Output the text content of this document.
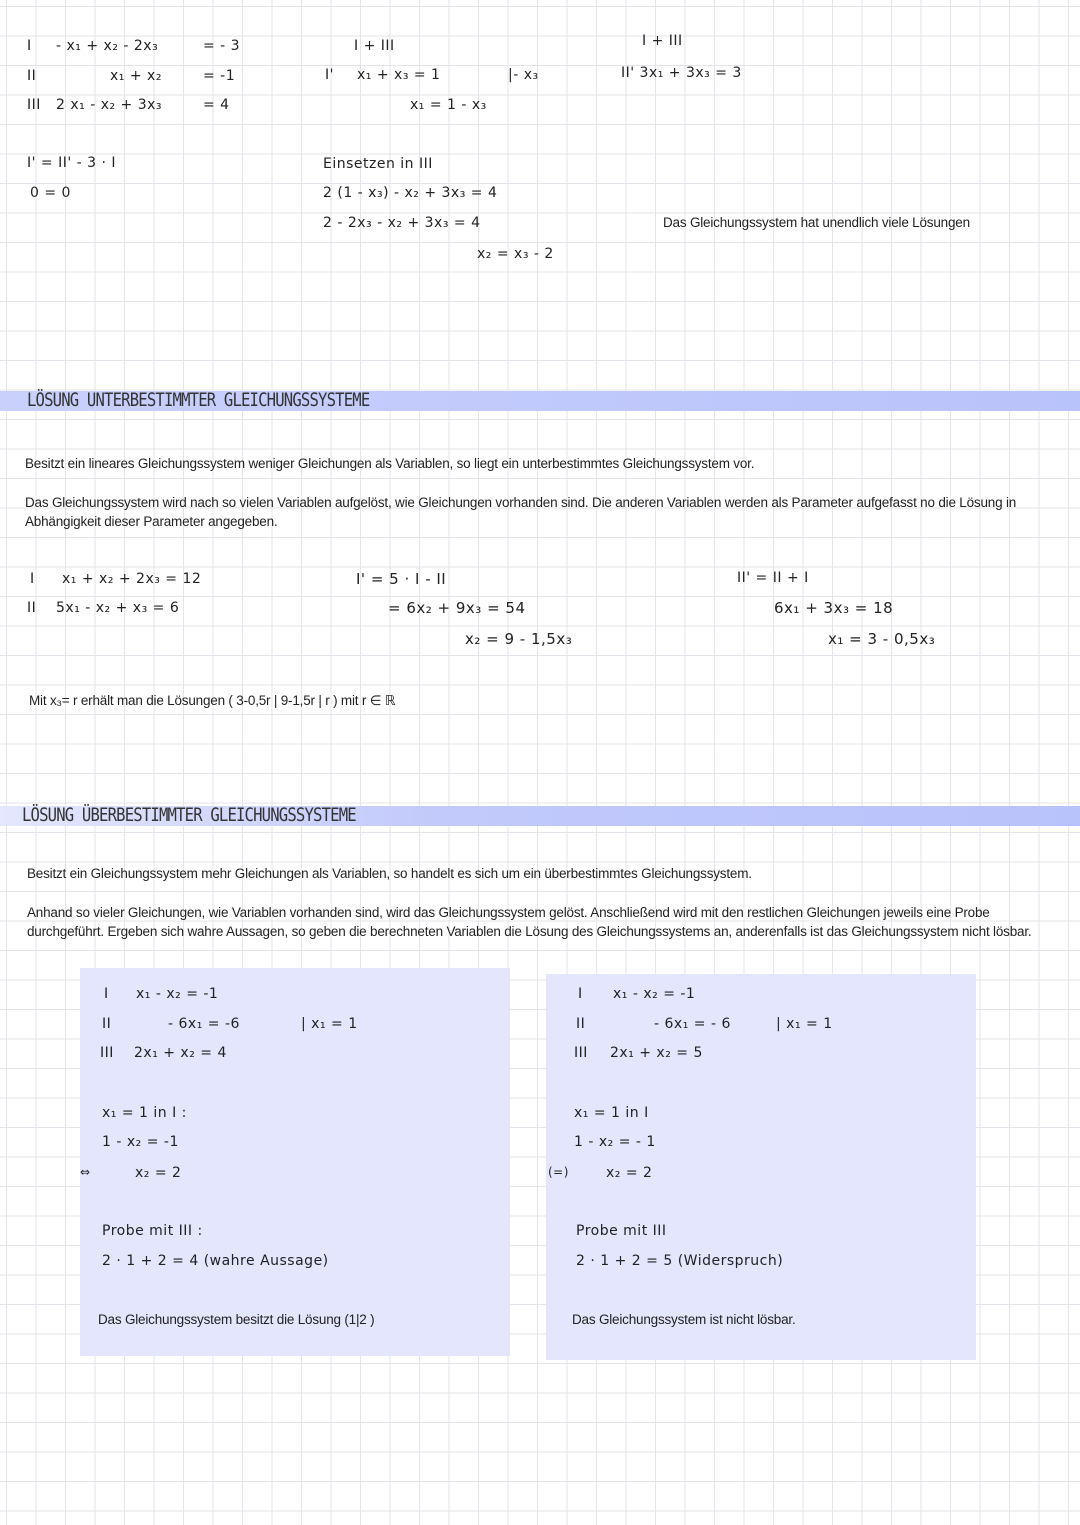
I - x₁ + x₂ - 2x₃	= - 3
II	x₁ + x₂	= -1
III 2 x₁ - x₂ + 3x₃	= 4
I' = II' - 3 · I
0 = 0
I + III
I' x₁ + x₃ = 1	|- x₃
x₁ = 1 - x₃
Einsetzen in III
2 (1 - x₃) - x₂ + 3x₃ = 4
2 - 2x₃ - x₂ + 3x₃ = 4
x₂ = x₃ - 2
I + III
II' 3x₁ + 3x₃ = 3
Das Gleichungssystem hat unendlich viele Lösungen
LÖSUNG UNTERBESTIMMTER GLEICHUNGSSYSTEME
Besitzt ein lineares Gleichungssystem weniger Gleichungen als Variablen, so liegt ein unterbestimmtes Gleichungssystem vor.
Das Gleichungssystem wird nach so vielen Variablen aufgelöst, wie Gleichungen vorhanden sind. Die anderen Variablen werden als Parameter aufgefasst no die Lösung in Abhängigkeit dieser Parameter angegeben.
I x₁ + x₂ + 2x₃ = 12
II 5x₁ - x₂ + x₃ = 6
I' = 5 · I - II
= 6x₂ + 9x₃ = 54
x₂ = 9 - 1,5x₃
II' = II + I
6x₁ + 3x₃ = 18
x₁ = 3 - 0,5x₃
Mit x₃= r erhält man die Lösungen ( 3-0,5r | 9-1,5r | r ) mit r ∈ ℝ
LÖSUNG ÜBERBESTIMMTER GLEICHUNGSSYSTEME
Besitzt ein Gleichungssystem mehr Gleichungen als Variablen, so handelt es sich um ein überbestimmtes Gleichungssystem.
Anhand so vieler Gleichungen, wie Variablen vorhanden sind, wird das Gleichungssystem gelöst. Anschließend wird mit den restlichen Gleichungen jeweils eine Probe durchgeführt. Ergeben sich wahre Aussagen, so geben die berechneten Variablen die Lösung des Gleichungssystems an, anderenfalls ist das Gleichungssystem nicht lösbar.
I x₁ - x₂ = -1
II	- 6x₁ = -6	| x₁ = 1
III 2x₁ + x₂ = 4
x₁ = 1 in I :
1 - x₂ = -1
⇔	x₂ = 2
Probe mit III :
2 · 1 + 2 = 4 (wahre Aussage)
Das Gleichungssystem besitzt die Lösung (1|2 )
I x₁ - x₂ = -1
II	- 6x₁ = - 6	| x₁ = 1
III 2x₁ + x₂ = 5
x₁ = 1 in I
1 - x₂ = - 1
(=)	x₂ = 2
Probe mit III
2 · 1 + 2 = 5 (Widerspruch)
Das Gleichungssystem ist nicht lösbar.
